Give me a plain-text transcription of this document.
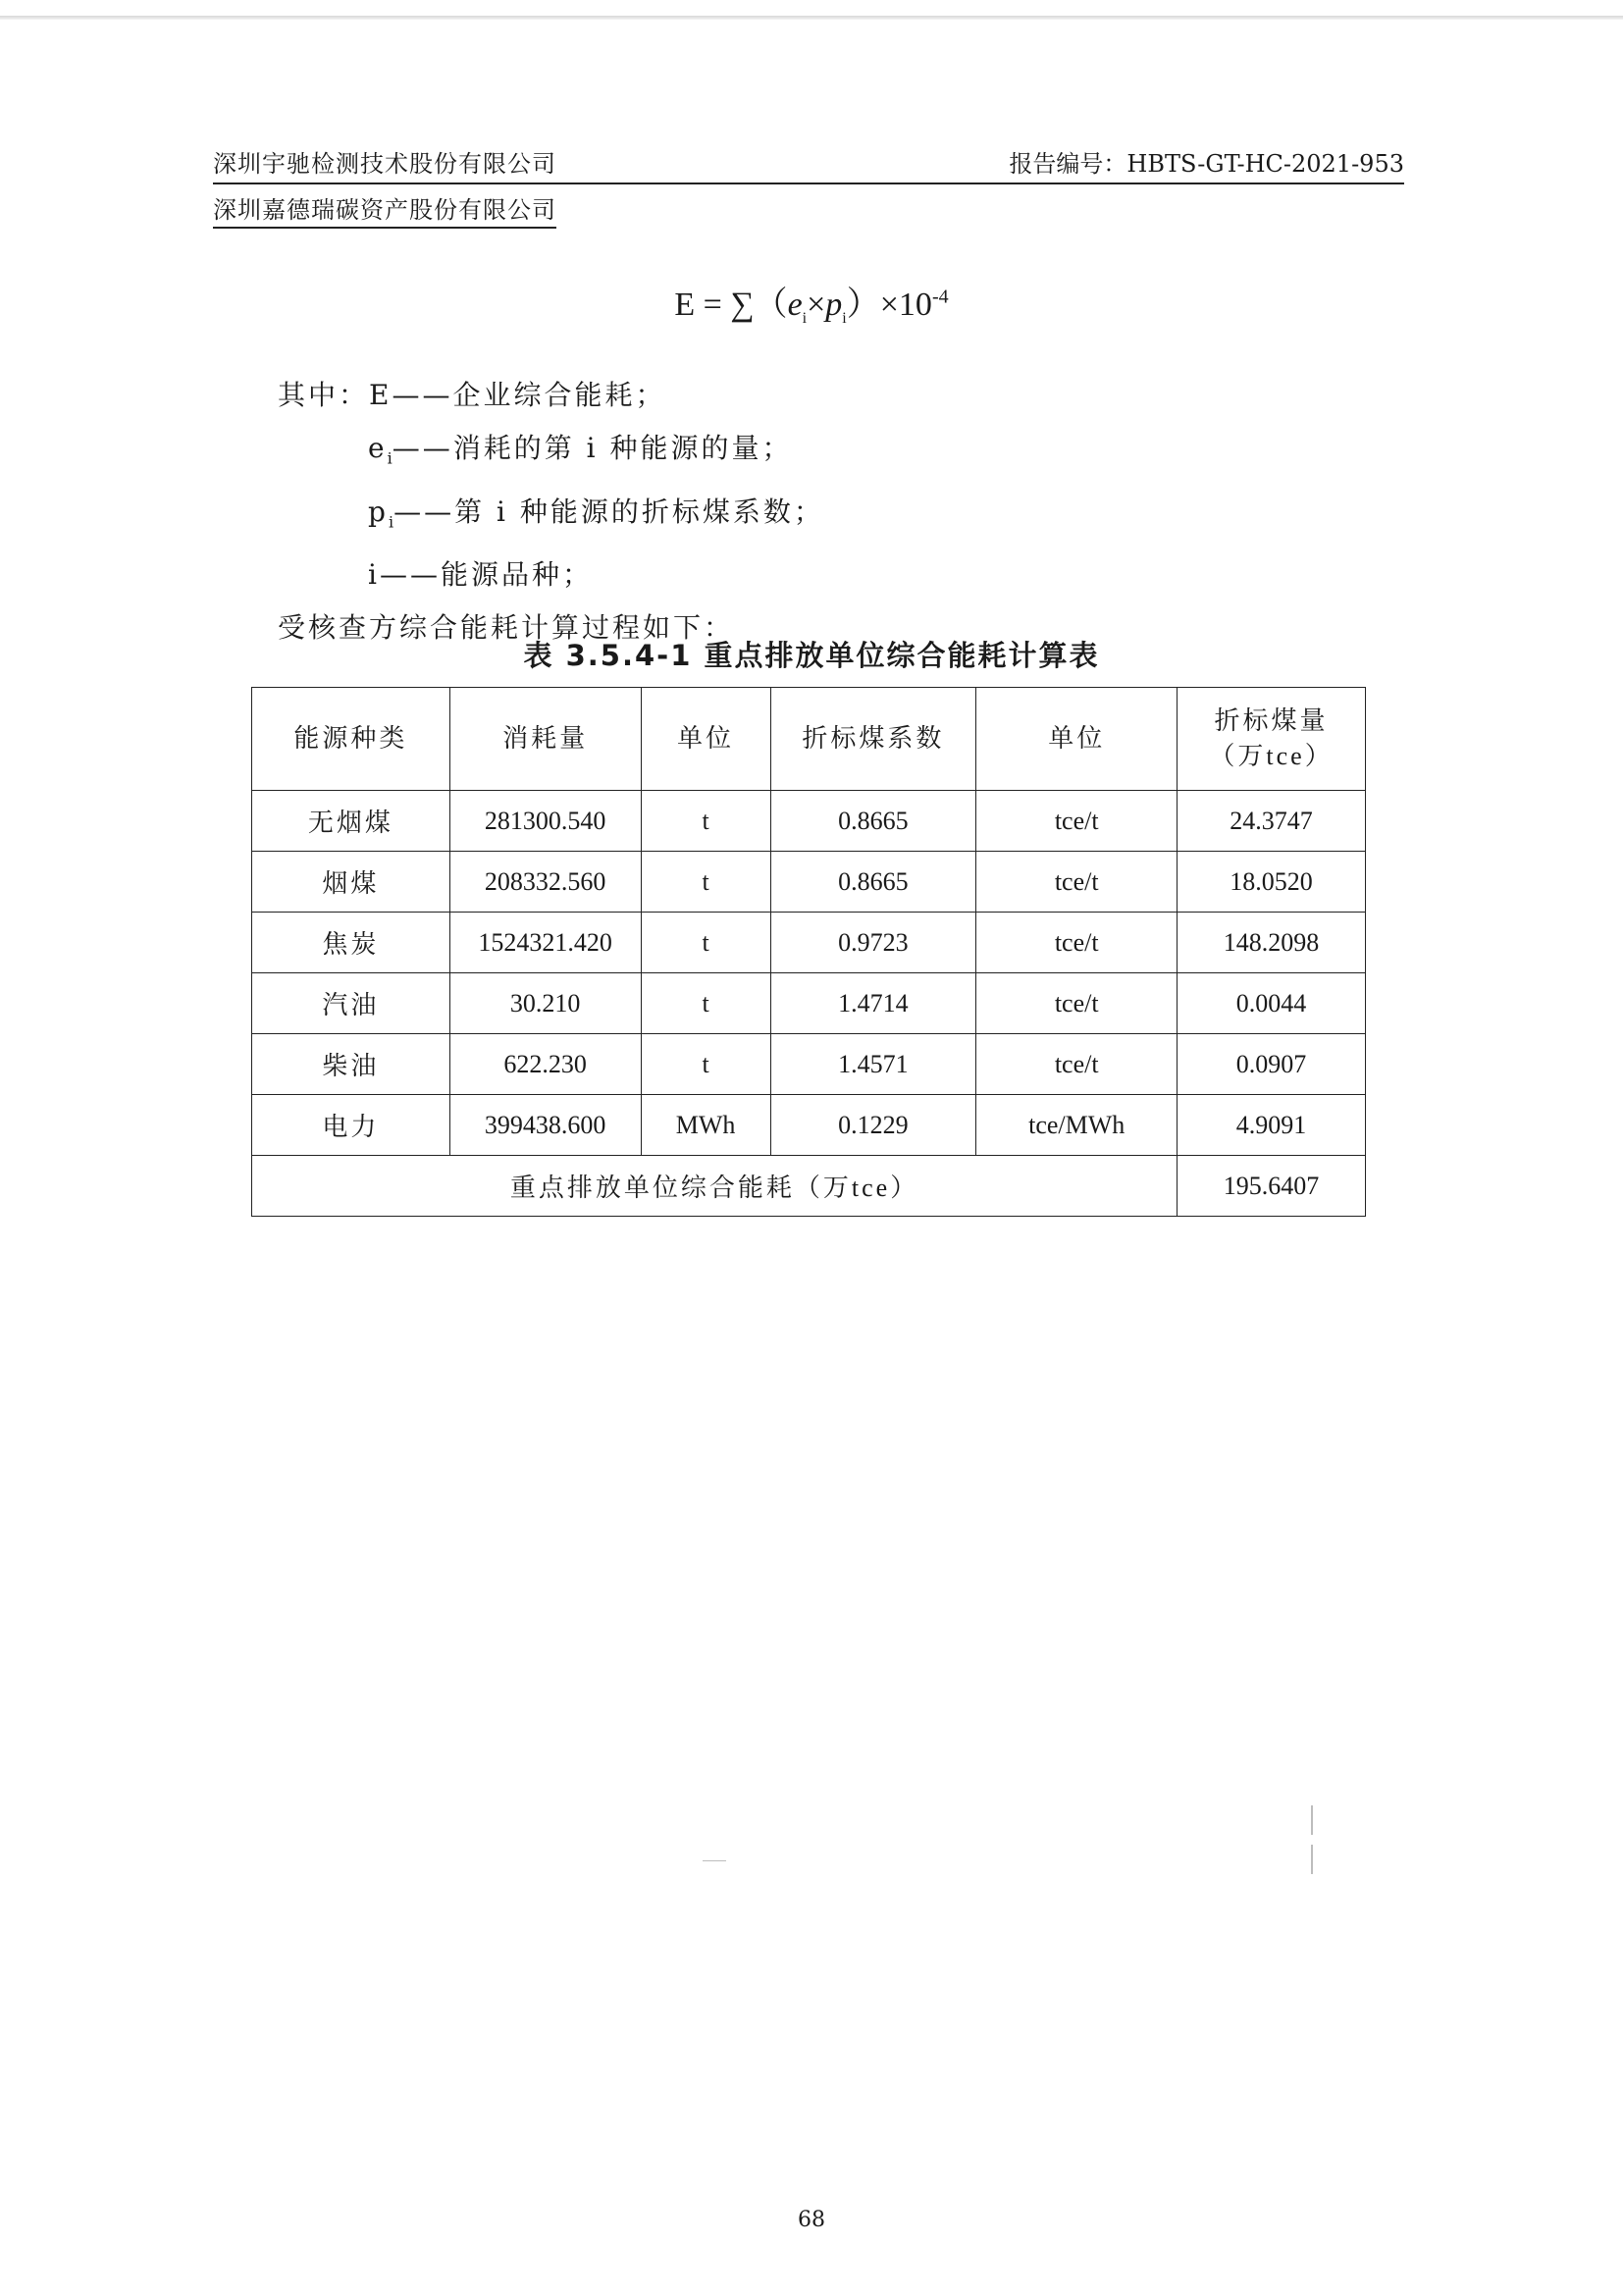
深圳宇驰检测技术股份有限公司	报告编号：HBTS-GT-HC-2021-953
深圳嘉德瑞碳资产股份有限公司
$E = \sum(e_i\times p_i)\times 10^{-4}$
其中：E——企业综合能耗；
$e_i——$消耗的第 i 种能源的量；
$p_i——$第 i 种能源的折标煤系数；
i——能源品种；
受核查方综合能耗计算过程如下：
表 3.5.4-1 重点排放单位综合能耗计算表
能源种类	消耗量	单位	折标煤系数	单位	折标煤量
（万tce）

无烟煤	281300.540	t	0.8665	tce/t	24.3747
烟煤	208332.560	t	0.8665	tce/t	18.0520
焦炭	1524321.420	t	0.9723	tce/t	148.2098
汽油	30.210	t	1.4714	tce/t	0.0044
柴油	622.230	t	1.4571	tce/t	0.0907
电力	399438.600	MWh	0.1229	tce/MWh	4.9091
重点排放单位综合能耗（万tce）					195.6407
68
